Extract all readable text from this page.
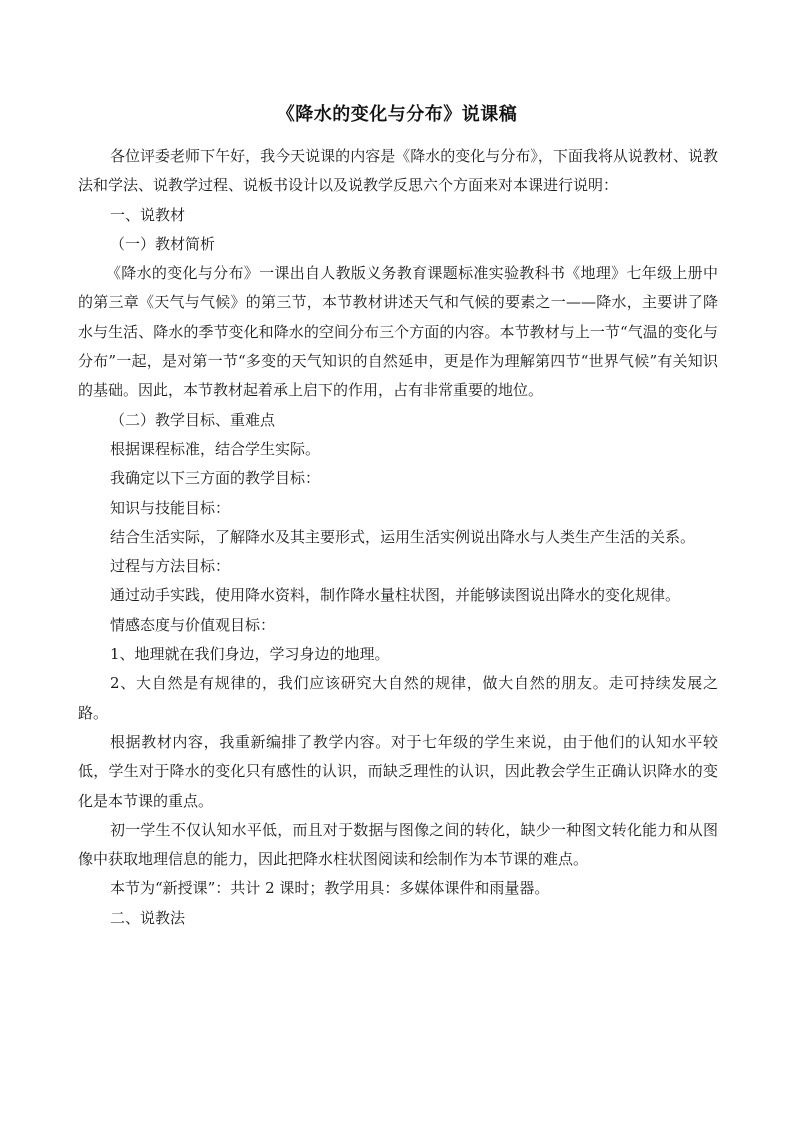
《降水的变化与分布》说课稿

各位评委老师下午好，我今天说课的内容是《降水的变化与分布》，下面我将从说教材、说教法和学法、说教学过程、说板书设计以及说教学反思六个方面来对本课进行说明：

一、说教材

（一）教材简析

《降水的变化与分布》一课出自人教版义务教育课题标准实验教科书《地理》七年级上册中的第三章《天气与气候》的第三节，本节教材讲述天气和气候的要素之一——降水，主要讲了降水与生活、降水的季节变化和降水的空间分布三个方面的内容。本节教材与上一节“气温的变化与分布”一起，是对第一节“多变的天气知识的自然延申，更是作为理解第四节“世界气候”有关知识的基础。因此，本节教材起着承上启下的作用，占有非常重要的地位。

（二）教学目标、重难点

根据课程标准，结合学生实际。

我确定以下三方面的教学目标：

知识与技能目标：

结合生活实际，了解降水及其主要形式，运用生活实例说出降水与人类生产生活的关系。

过程与方法目标：

通过动手实践，使用降水资料，制作降水量柱状图，并能够读图说出降水的变化规律。

情感态度与价值观目标：

1、地理就在我们身边，学习身边的地理。

2、大自然是有规律的，我们应该研究大自然的规律，做大自然的朋友。走可持续发展之路。

根据教材内容，我重新编排了教学内容。对于七年级的学生来说，由于他们的认知水平较低，学生对于降水的变化只有感性的认识，而缺乏理性的认识，因此教会学生正确认识降水的变化是本节课的重点。

初一学生不仅认知水平低，而且对于数据与图像之间的转化，缺少一种图文转化能力和从图像中获取地理信息的能力，因此把降水柱状图阅读和绘制作为本节课的难点。

本节为“新授课”：共计 2 课时；教学用具：多媒体课件和雨量器。

二、说教法
